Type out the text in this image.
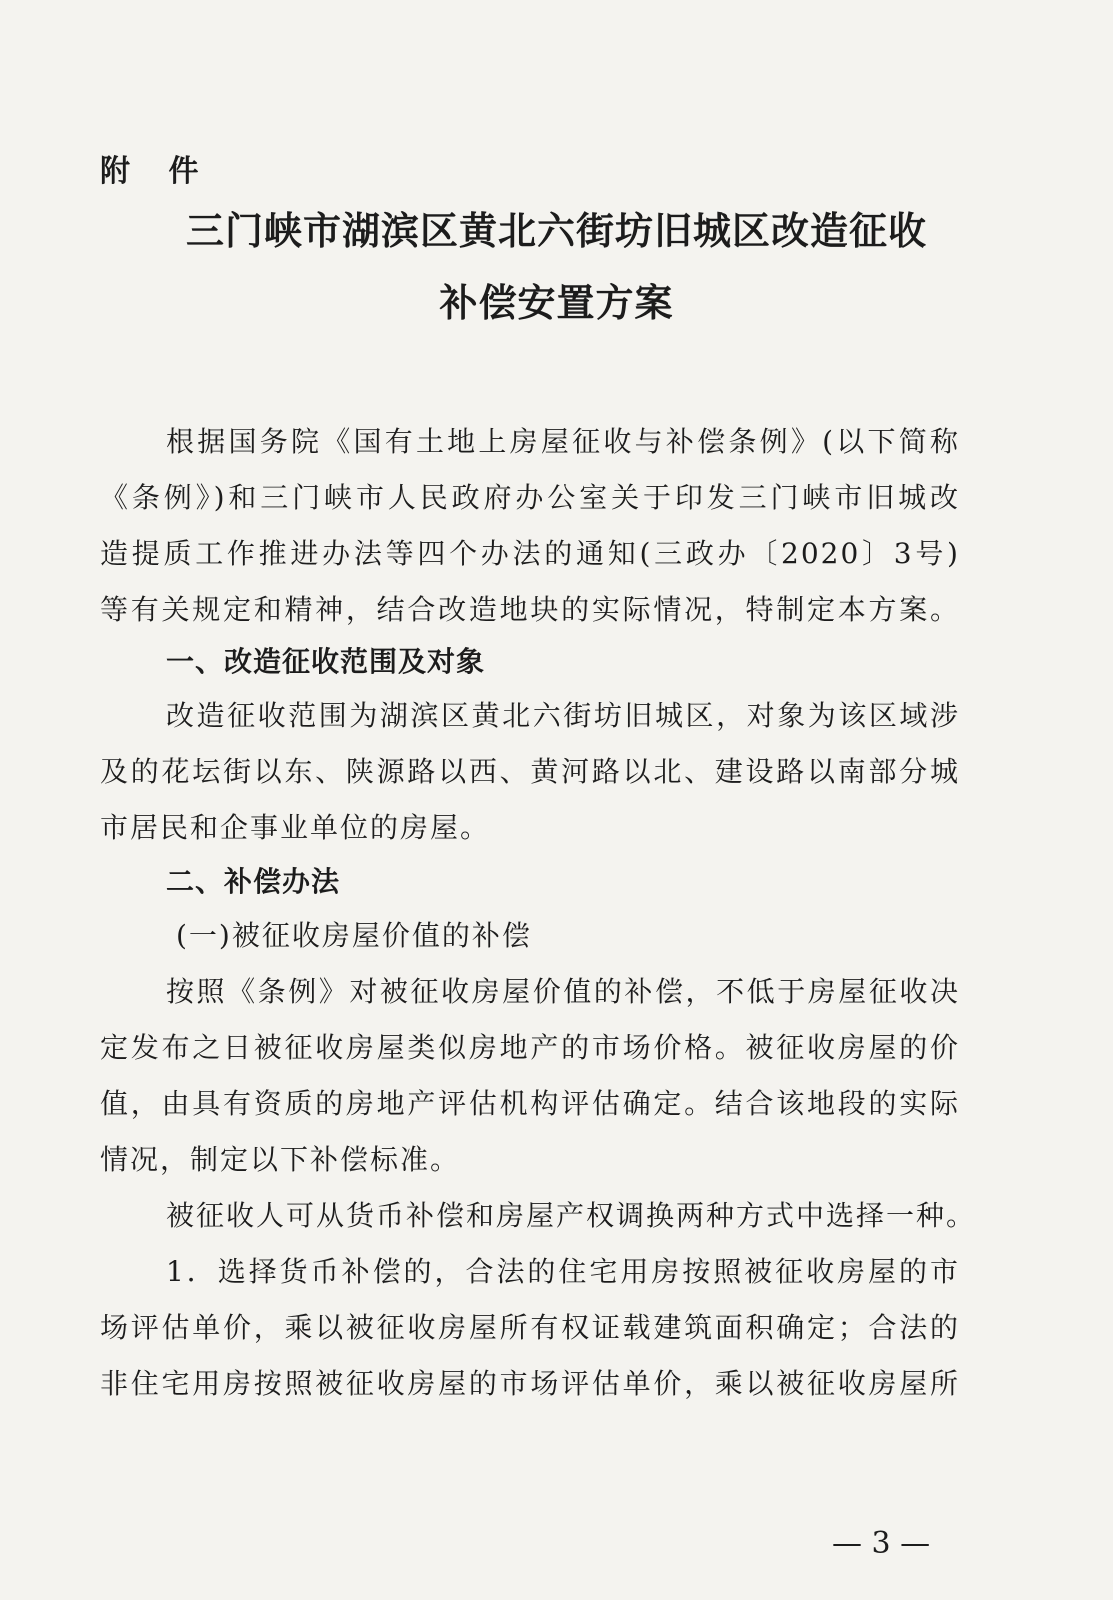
附 件
三门峡市湖滨区黄北六街坊旧城区改造征收
补偿安置方案
根据国务院《国有土地上房屋征收与补偿条例》(以下简称
《条例》)和三门峡市人民政府办公室关于印发三门峡市旧城改
造提质工作推进办法等四个办法的通知(三政办〔2020〕3号)
等有关规定和精神，结合改造地块的实际情况，特制定本方案。
一、改造征收范围及对象
改造征收范围为湖滨区黄北六街坊旧城区，对象为该区域涉
及的花坛街以东、陕源路以西、黄河路以北、建设路以南部分城
市居民和企事业单位的房屋。
二、补偿办法
(一)被征收房屋价值的补偿
按照《条例》对被征收房屋价值的补偿，不低于房屋征收决
定发布之日被征收房屋类似房地产的市场价格。被征收房屋的价
值，由具有资质的房地产评估机构评估确定。结合该地段的实际
情况，制定以下补偿标准。
被征收人可从货币补偿和房屋产权调换两种方式中选择一种。
1．选择货币补偿的，合法的住宅用房按照被征收房屋的市
场评估单价，乘以被征收房屋所有权证载建筑面积确定；合法的
非住宅用房按照被征收房屋的市场评估单价，乘以被征收房屋所
— 3 —
